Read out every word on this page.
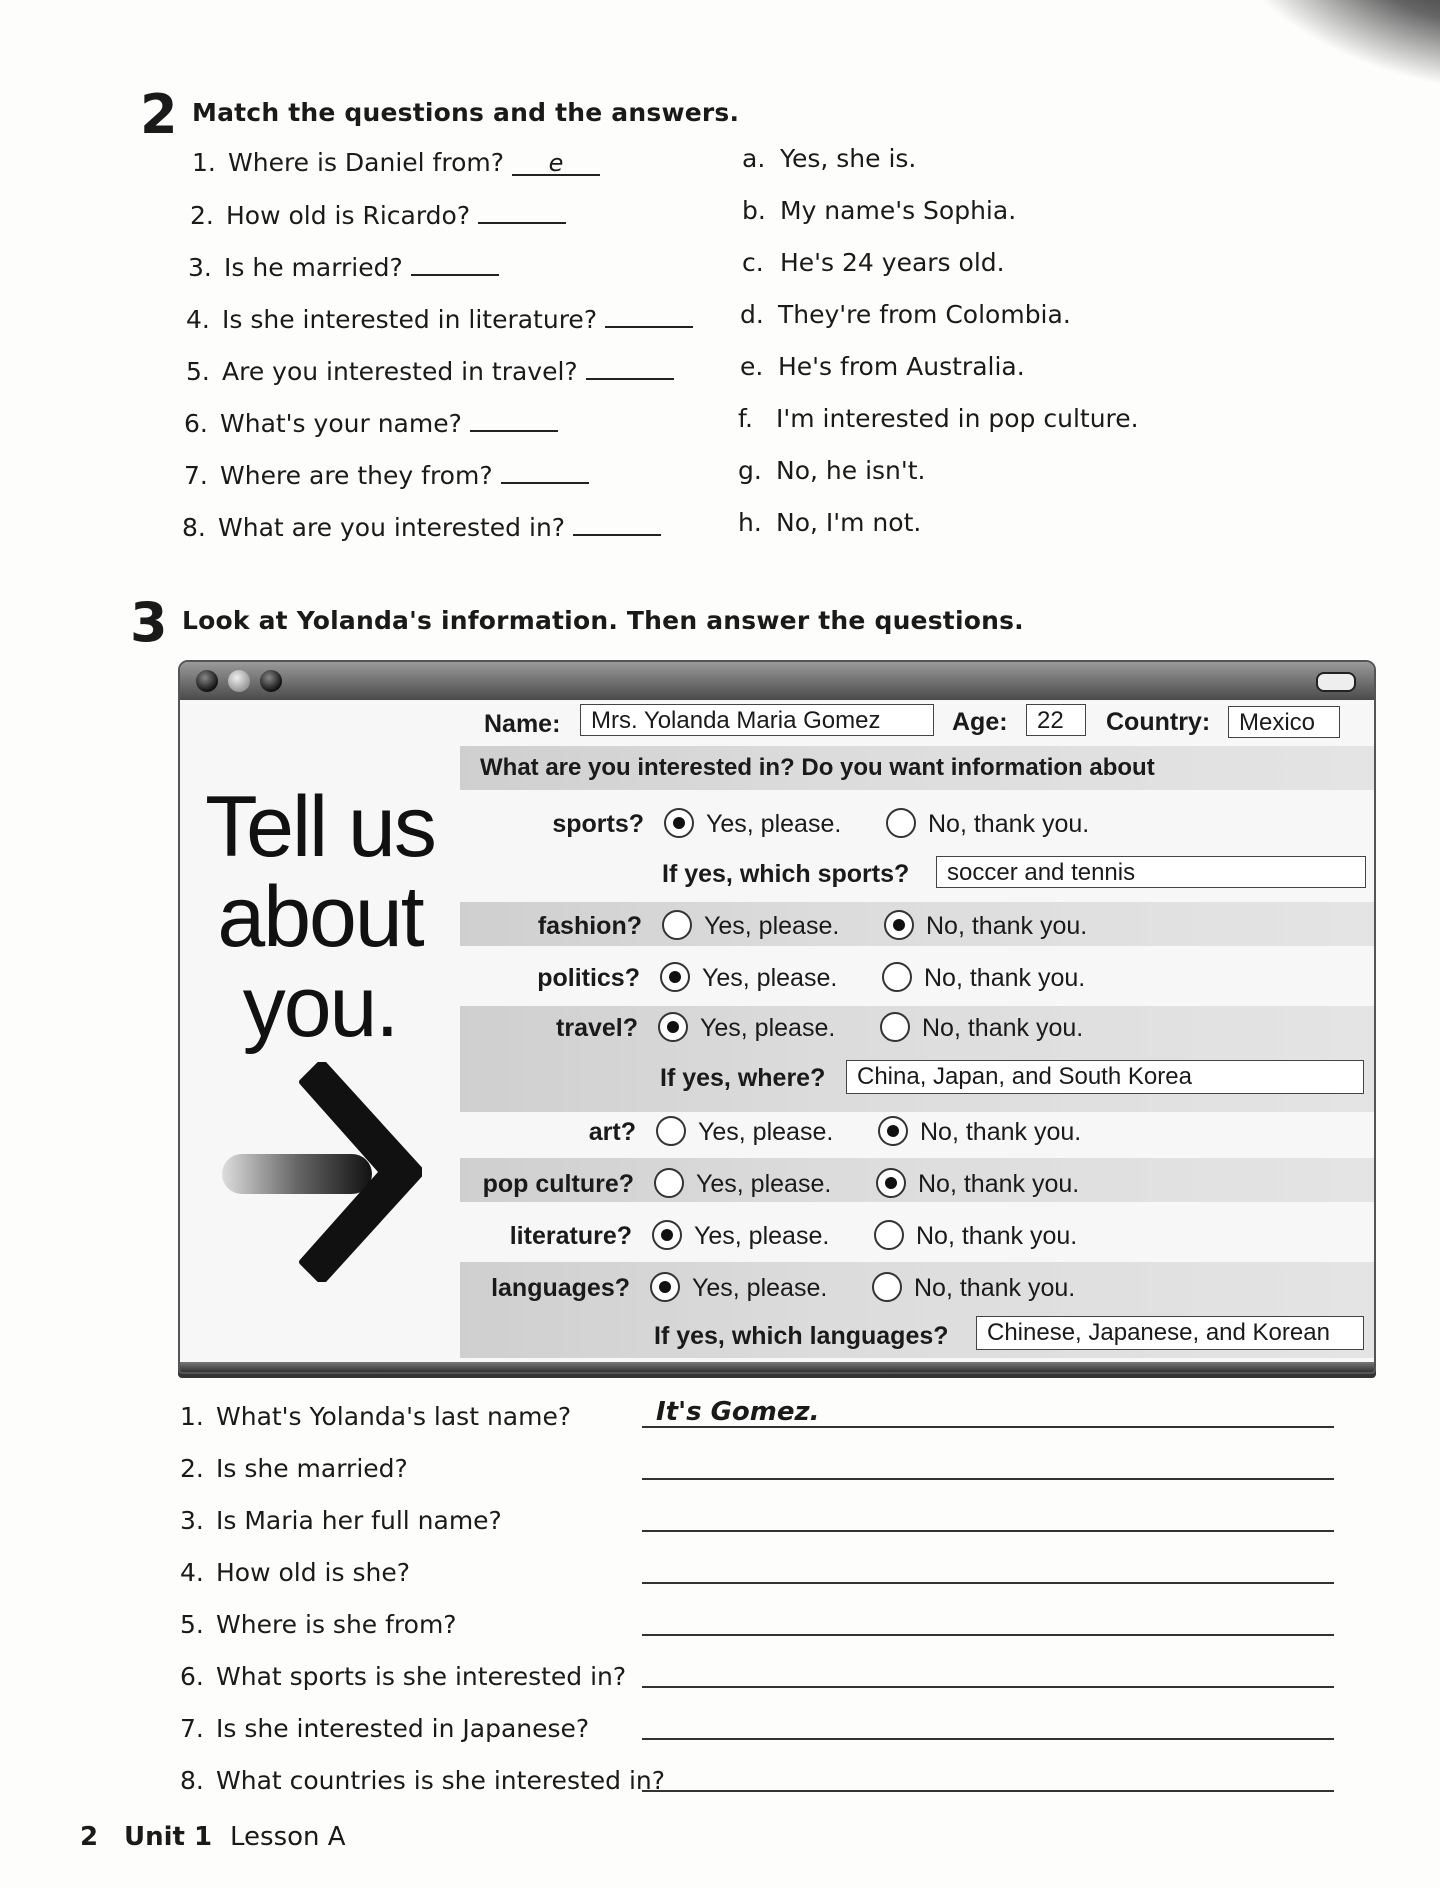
2 Match the questions and the answers.
1. Where is Daniel from? e
2. How old is Ricardo?
3. Is he married?
4. Is she interested in literature?
5. Are you interested in travel?
6. What's your name?
7. Where are they from?
8. What are you interested in?
a. Yes, she is.
b. My name's Sophia.
c. He's 24 years old.
d. They're from Colombia.
e. He's from Australia.
f. I'm interested in pop culture.
g. No, he isn't.
h. No, I'm not.
3 Look at Yolanda's information. Then answer the questions.
Tell us about you.
Name:	Mrs. Yolanda Maria Gomez	Age:	22	Country:	Mexico
What are you interested in? Do you want information about
sports? Yes, please.	No, thank you.
If yes, which sports?	soccer and tennis
fashion? Yes, please.	No, thank you.
politics? Yes, please.	No, thank you.
travel? Yes, please.	No, thank you.
If yes, where?	China, Japan, and South Korea
art? Yes, please.	No, thank you.
pop culture? Yes, please.	No, thank you.
literature? Yes, please.	No, thank you.
languages? Yes, please.	No, thank you.
If yes, which languages?	Chinese, Japanese, and Korean
1. What's Yolanda's last name?	It's Gomez.
2. Is she married?
3. Is Maria her full name?
4. How old is she?
5. Where is she from?
6. What sports is she interested in?
7. Is she interested in Japanese?
8. What countries is she interested in?
2 Unit 1 Lesson A
